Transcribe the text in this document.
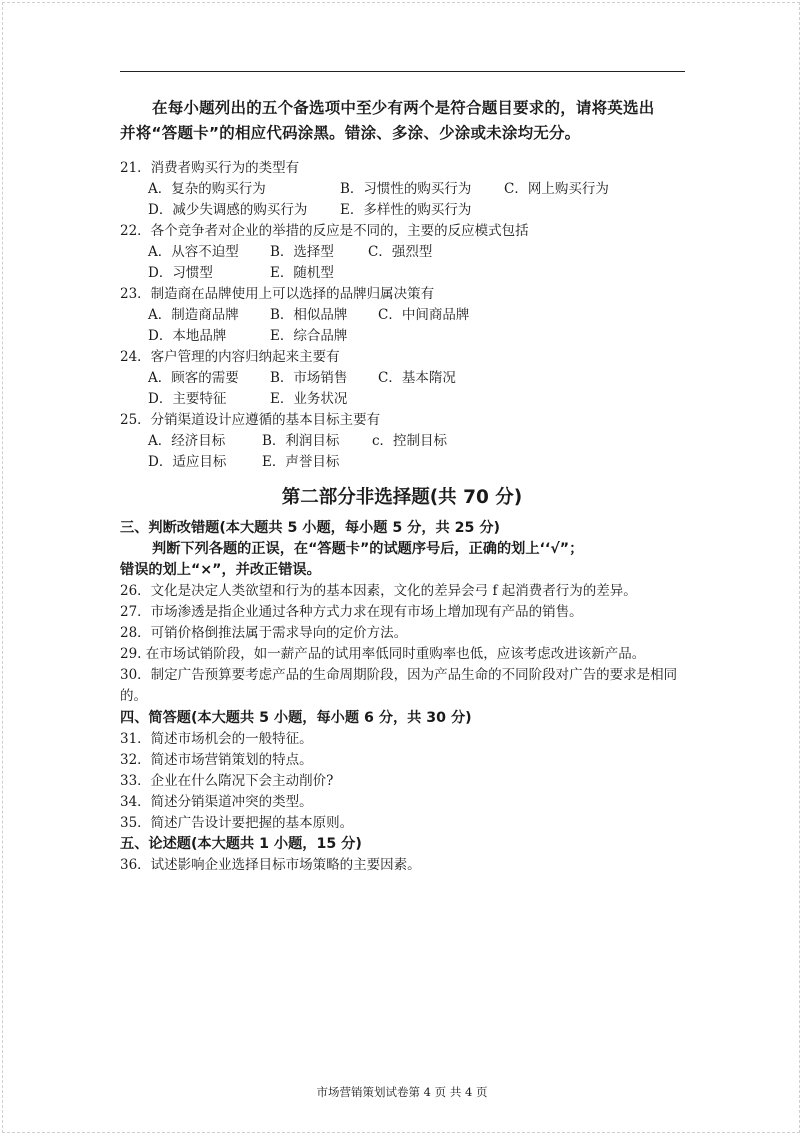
在每小题列出的五个备选项中至少有两个是符合题目要求的，请将英选出
并将“答题卡”的相应代码涂黑。错涂、多涂、少涂或未涂均无分。
21．消费者购买行为的类型有
A．复杂的购买行为	B．习惯性的购买行为 C．网上购买行为
D．减少失调感的购买行为 E．多样性的购买行为
22．各个竞争者对企业的举措的反应是不同的，主要的反应模式包括
A．从容不迫型 B．选择型	C．强烈型
D．习惯型	E．随机型
23．制造商在品牌使用上可以选择的品牌归属决策有
A．制造商品牌 B．相似品牌 C．中间商品牌
D．本地品牌	E．综合品牌
24．客户管理的内容归纳起来主要有
A．顾客的需要 B．市场销售 C．基本隋况
D．主要特征	E．业务状况
25．分销渠道设计应遵循的基本目标主要有
A．经济目标	B．利润目标 c．控制目标
D．适应目标	E．声誉目标
第二部分非选择题(共 70 分)
三、判断改错题(本大题共 5 小题，每小题 5 分，共 25 分)
判断下列各题的正误，在“答题卡”的试题序号后，正确的划上‘‘√”；
错误的划上“×”，并改正错误。
26．文化是决定人类欲望和行为的基本因素，文化的差异会弓 f 起消费者行为的差异。
27．市场渗透是指企业通过各种方式力求在现有市场上增加现有产品的销售。
28．可销价格倒推法属于需求导向的定价方法。
29. 在市场试销阶段，如一薪产品的试用率低同时重购率也低，应该考虑改进该新产品。
30．制定广告预算要考虑产品的生命周期阶段，因为产品生命的不同阶段对广告的要求是相同的。
四、简答题(本大题共 5 小题，每小题 6 分，共 30 分)
31．简述市场机会的一般特征。
32．简述市场营销策划的特点。
33．企业在什么隋况下会主动削价?
34．简述分销渠道冲突的类型。
35．简述广告设计要把握的基本原则。
五、论述题(本大题共 1 小题，15 分)
36．试述影响企业选择目标市场策略的主要因素。
市场营销策划试卷第 4 页 共 4 页
